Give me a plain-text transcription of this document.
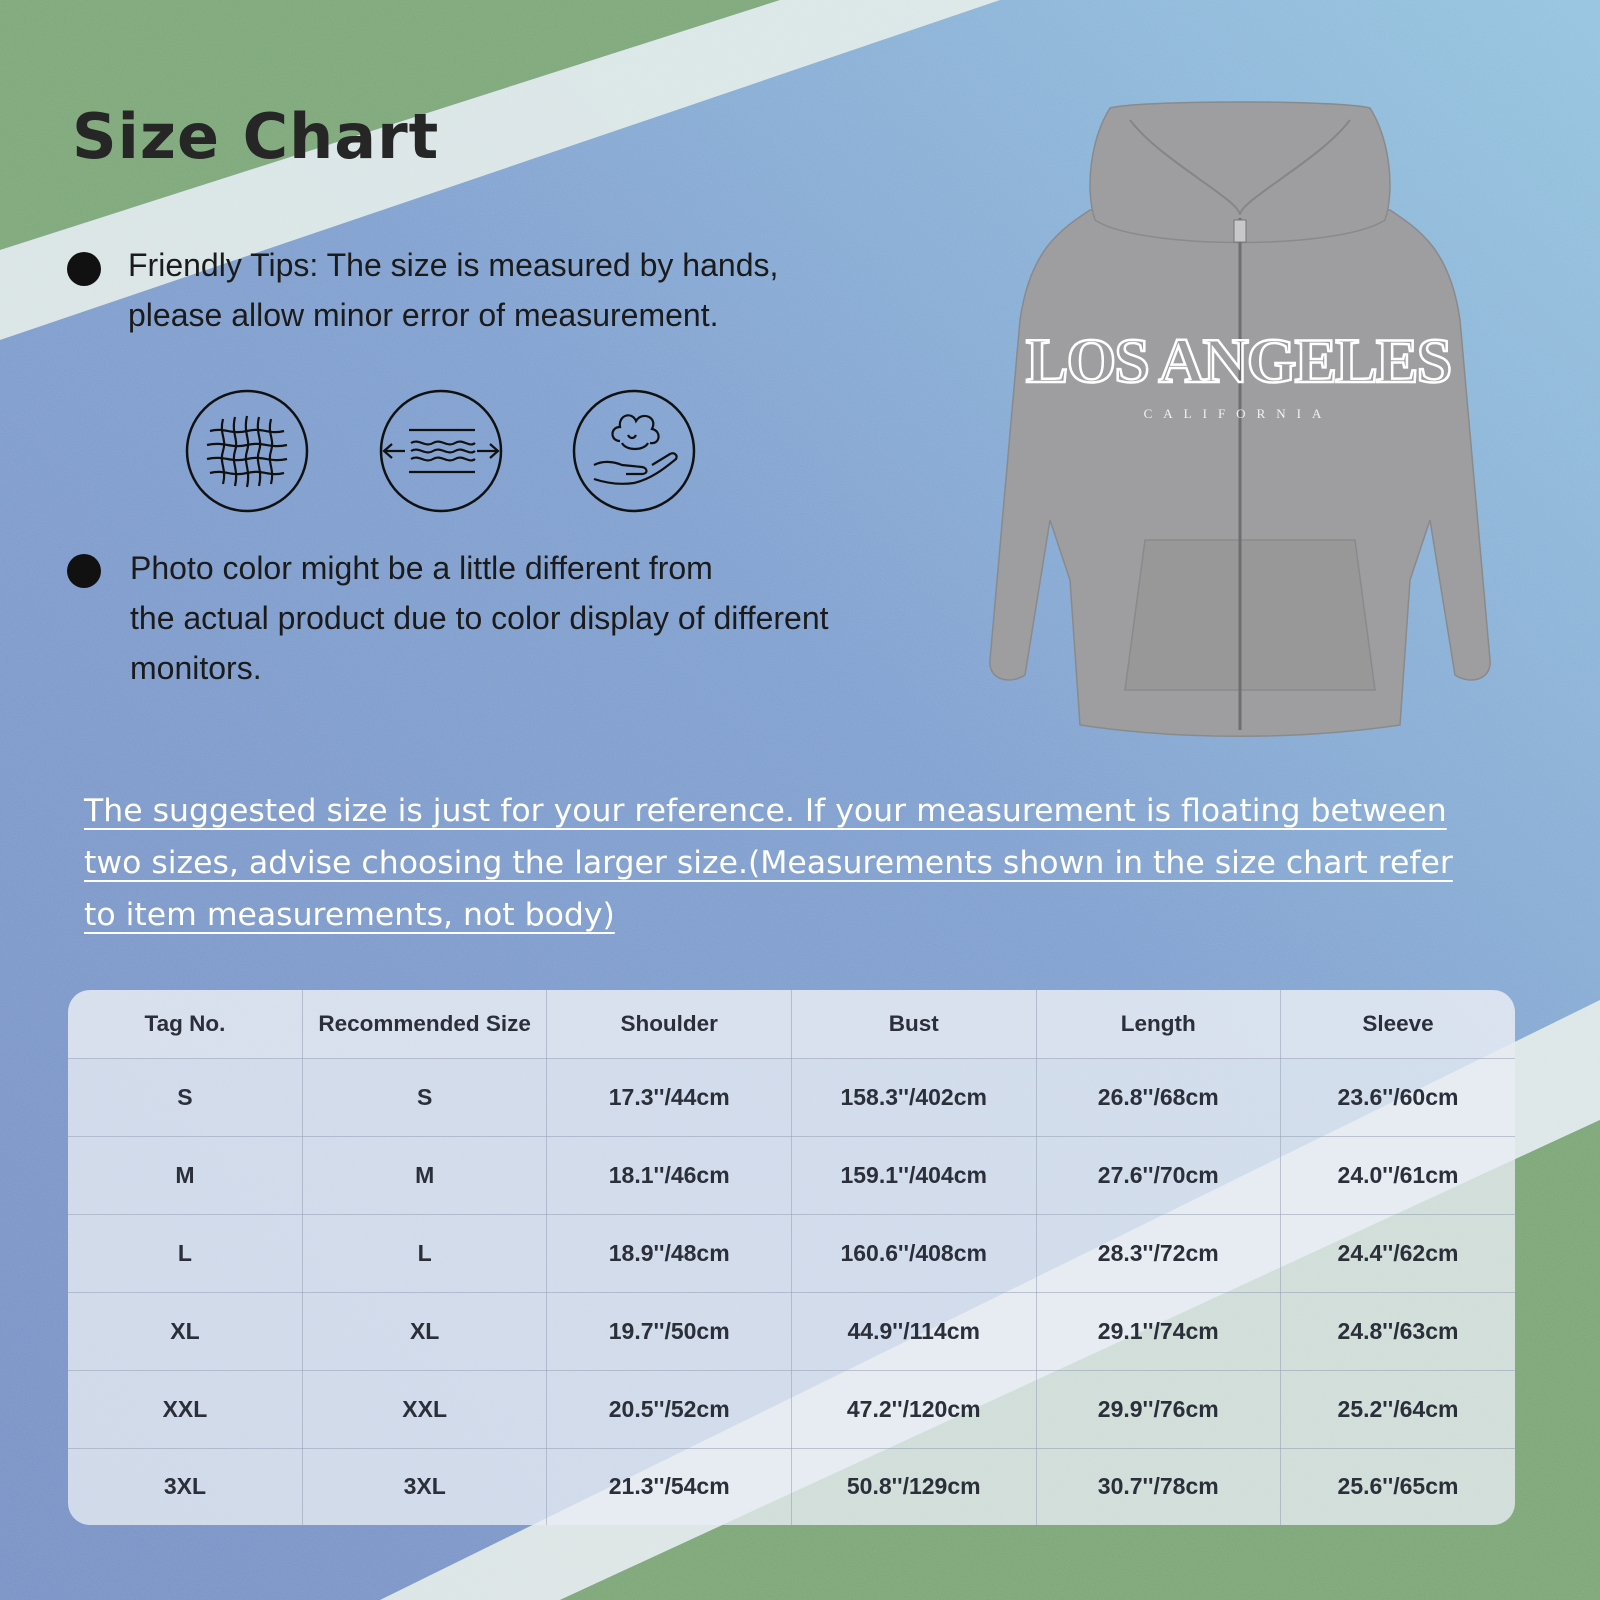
Size Chart
Friendly Tips: The size is measured by hands,
please allow minor error of measurement.
Photo color might be a little different from
the actual product due to color display of different
monitors.
LOS ANGELES
CALIFORNIA
The suggested size is just for your reference. If your measurement is floating between
two sizes, advise choosing the larger size.(Measurements shown in the size chart refer
to item measurements, not body)
Tag No.	Recommended Size	Shoulder	Bust	Length	Sleeve
S	S	17.3''/44cm	158.3''/402cm	26.8''/68cm	23.6''/60cm
M	M	18.1''/46cm	159.1''/404cm	27.6''/70cm	24.0''/61cm
L	L	18.9''/48cm	160.6''/408cm	28.3''/72cm	24.4''/62cm
XL	XL	19.7''/50cm	44.9''/114cm	29.1''/74cm	24.8''/63cm
XXL	XXL	20.5''/52cm	47.2''/120cm	29.9''/76cm	25.2''/64cm
3XL	3XL	21.3''/54cm	50.8''/129cm	30.7''/78cm	25.6''/65cm
